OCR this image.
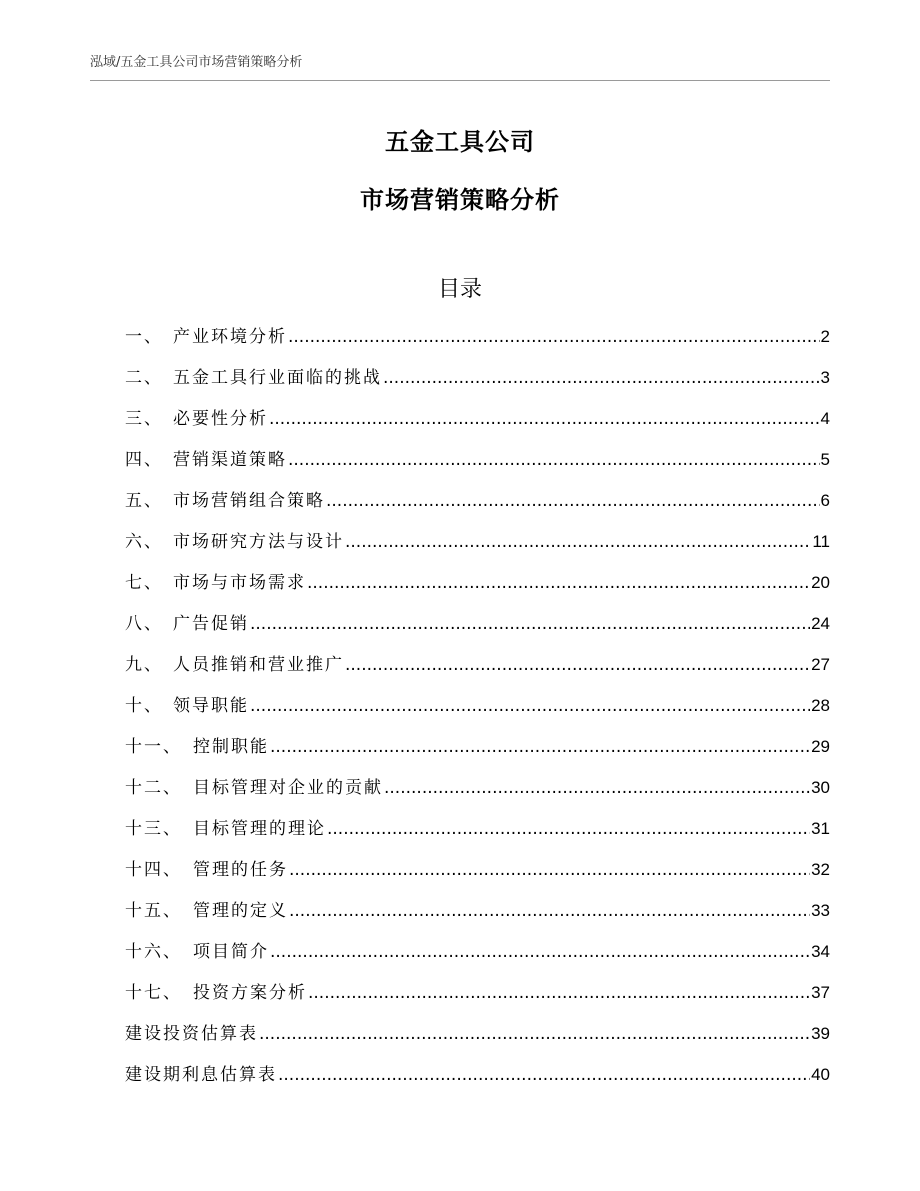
泓域/五金工具公司市场营销策略分析
五金工具公司
市场营销策略分析
目录
一、 产业环境分析 .....	2
二、 五金工具行业面临的挑战 .....	3
三、 必要性分析 .....	4
四、 营销渠道策略 .....	5
五、 市场营销组合策略 .....	6
六、 市场研究方法与设计 .....	11
七、 市场与市场需求 .....	20
八、 广告促销 .....	24
九、 人员推销和营业推广 .....	27
十、 领导职能 .....	28
十一、 控制职能 .....	29
十二、 目标管理对企业的贡献 .....	30
十三、 目标管理的理论 .....	31
十四、 管理的任务 .....	32
十五、 管理的定义 .....	33
十六、 项目简介 .....	34
十七、 投资方案分析 .....	37
建设投资估算表 .....	39
建设期利息估算表 .....	40
